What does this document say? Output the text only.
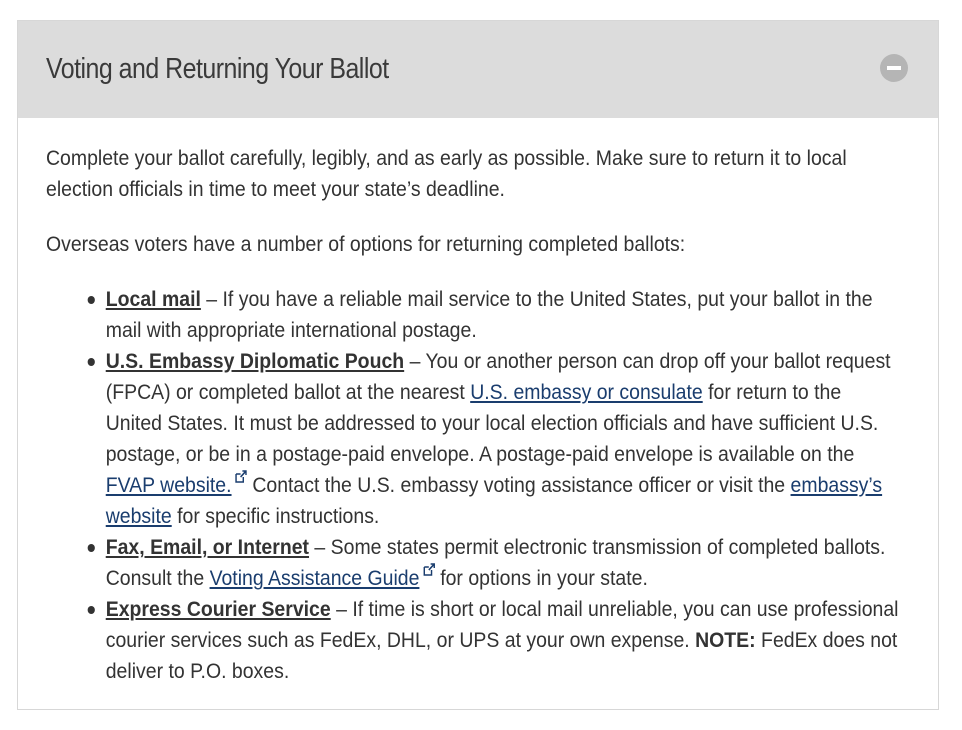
Voting and Returning Your Ballot

Complete your ballot carefully, legibly, and as early as possible. Make sure to return it to local election officials in time to meet your state’s deadline.

Overseas voters have a number of options for returning completed ballots:

Local mail – If you have a reliable mail service to the United States, put your ballot in the mail with appropriate international postage.
U.S. Embassy Diplomatic Pouch – You or another person can drop off your ballot request (FPCA) or completed ballot at the nearest U.S. embassy or consulate for return to the United States. It must be addressed to your local election officials and have sufficient U.S. postage, or be in a postage-paid envelope. A postage-paid envelope is available on the FVAP website. Contact the U.S. embassy voting assistance officer or visit the embassy’s website for specific instructions.
Fax, Email, or Internet – Some states permit electronic transmission of completed ballots. Consult the Voting Assistance Guide for options in your state.
Express Courier Service – If time is short or local mail unreliable, you can use professional courier services such as FedEx, DHL, or UPS at your own expense. NOTE: FedEx does not deliver to P.O. boxes.
